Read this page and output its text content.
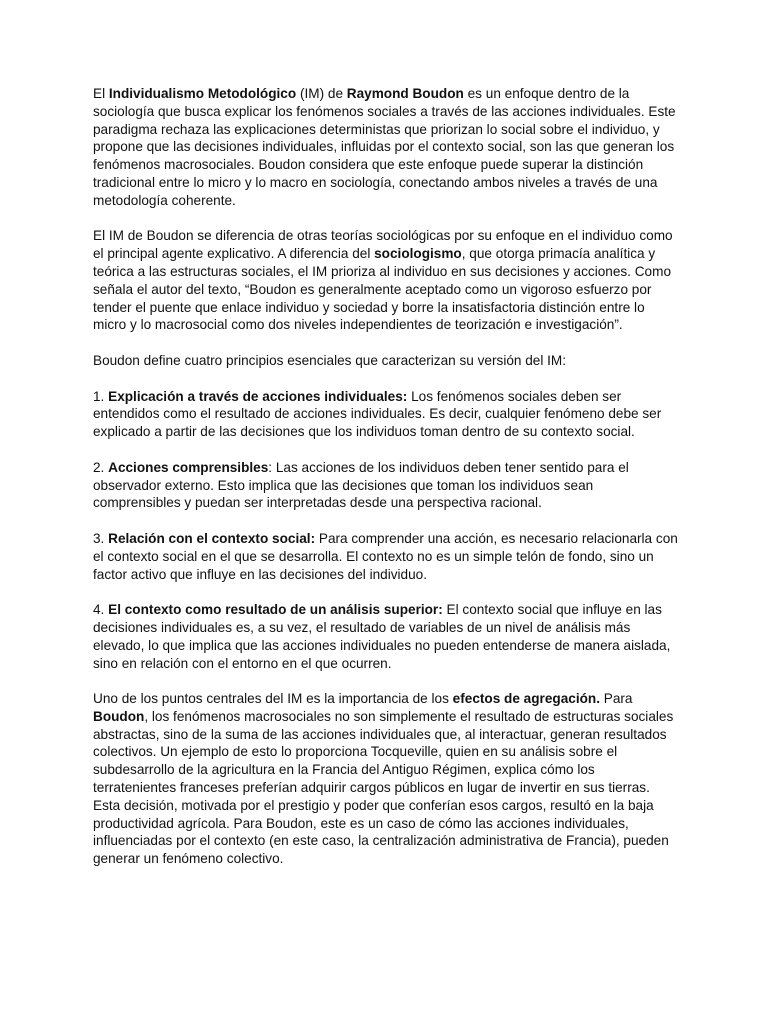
El Individualismo Metodológico (IM) de Raymond Boudon es un enfoque dentro de la sociología que busca explicar los fenómenos sociales a través de las acciones individuales. Este paradigma rechaza las explicaciones deterministas que priorizan lo social sobre el individuo, y propone que las decisiones individuales, influidas por el contexto social, son las que generan los fenómenos macrosociales. Boudon considera que este enfoque puede superar la distinción tradicional entre lo micro y lo macro en sociología, conectando ambos niveles a través de una metodología coherente.

El IM de Boudon se diferencia de otras teorías sociológicas por su enfoque en el individuo como el principal agente explicativo. A diferencia del sociologismo, que otorga primacía analítica y teórica a las estructuras sociales, el IM prioriza al individuo en sus decisiones y acciones. Como señala el autor del texto, “Boudon es generalmente aceptado como un vigoroso esfuerzo por tender el puente que enlace individuo y sociedad y borre la insatisfactoria distinción entre lo micro y lo macrosocial como dos niveles independientes de teorización e investigación”.

Boudon define cuatro principios esenciales que caracterizan su versión del IM:

1. Explicación a través de acciones individuales: Los fenómenos sociales deben ser entendidos como el resultado de acciones individuales. Es decir, cualquier fenómeno debe ser explicado a partir de las decisiones que los individuos toman dentro de su contexto social.

2. Acciones comprensibles: Las acciones de los individuos deben tener sentido para el observador externo. Esto implica que las decisiones que toman los individuos sean comprensibles y puedan ser interpretadas desde una perspectiva racional.

3. Relación con el contexto social: Para comprender una acción, es necesario relacionarla con el contexto social en el que se desarrolla. El contexto no es un simple telón de fondo, sino un factor activo que influye en las decisiones del individuo.

4. El contexto como resultado de un análisis superior: El contexto social que influye en las decisiones individuales es, a su vez, el resultado de variables de un nivel de análisis más elevado, lo que implica que las acciones individuales no pueden entenderse de manera aislada, sino en relación con el entorno en el que ocurren.

Uno de los puntos centrales del IM es la importancia de los efectos de agregación. Para Boudon, los fenómenos macrosociales no son simplemente el resultado de estructuras sociales abstractas, sino de la suma de las acciones individuales que, al interactuar, generan resultados colectivos. Un ejemplo de esto lo proporciona Tocqueville, quien en su análisis sobre el subdesarrollo de la agricultura en la Francia del Antiguo Régimen, explica cómo los terratenientes franceses preferían adquirir cargos públicos en lugar de invertir en sus tierras. Esta decisión, motivada por el prestigio y poder que conferían esos cargos, resultó en la baja productividad agrícola. Para Boudon, este es un caso de cómo las acciones individuales, influenciadas por el contexto (en este caso, la centralización administrativa de Francia), pueden generar un fenómeno colectivo.
